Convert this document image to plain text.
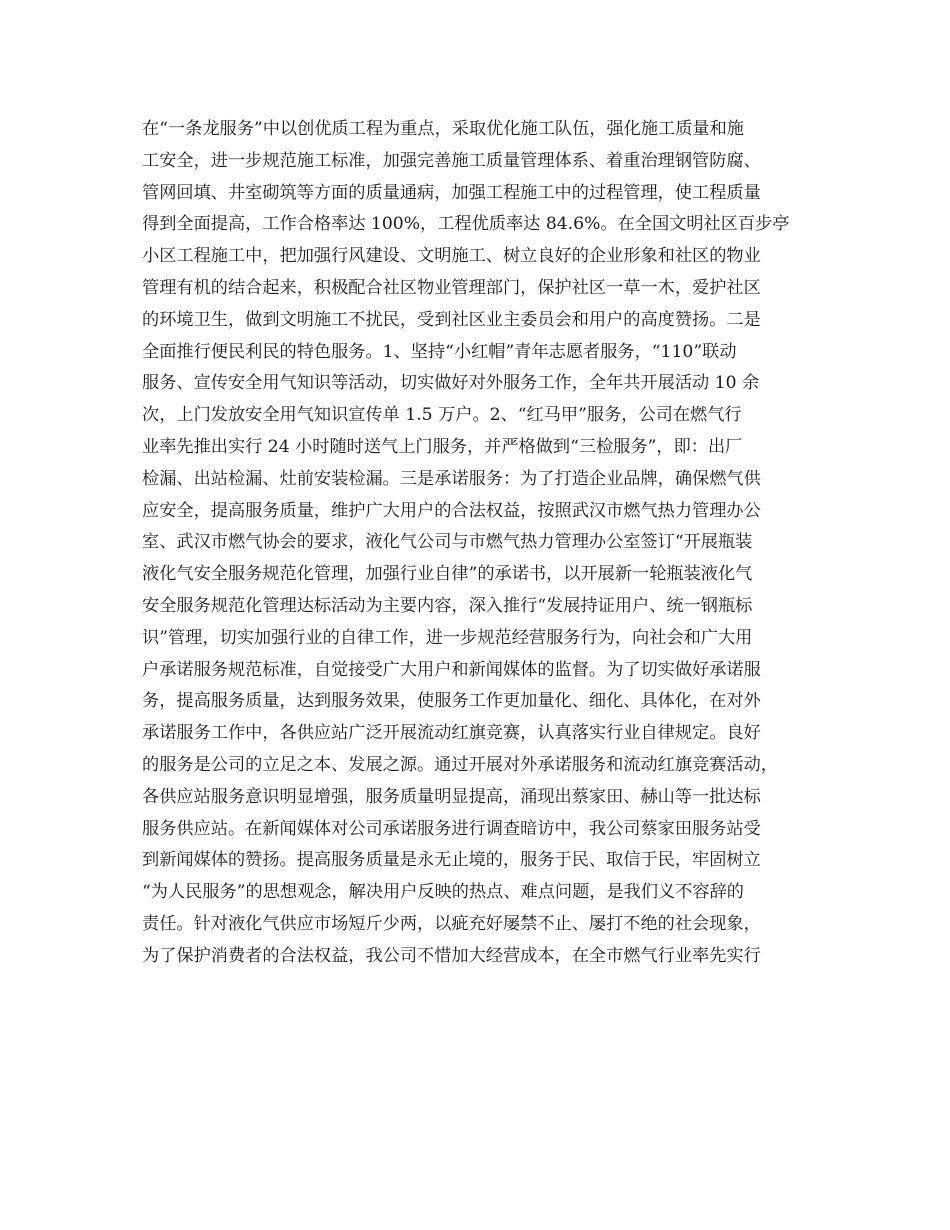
在“一条龙服务”中以创优质工程为重点，采取优化施工队伍，强化施工质量和施
工安全，进一步规范施工标准，加强完善施工质量管理体系、着重治理钢管防腐、
管网回填、井室砌筑等方面的质量通病，加强工程施工中的过程管理，使工程质量
得到全面提高，工作合格率达 100%，工程优质率达 84.6%。在全国文明社区百步亭
小区工程施工中，把加强行风建设、文明施工、树立良好的企业形象和社区的物业
管理有机的结合起来，积极配合社区物业管理部门，保护社区一草一木，爱护社区
的环境卫生，做到文明施工不扰民，受到社区业主委员会和用户的高度赞扬。二是
全面推行便民利民的特色服务。1、坚持“小红帽”青年志愿者服务，“110”联动
服务、宣传安全用气知识等活动，切实做好对外服务工作，全年共开展活动 10 余
次，上门发放安全用气知识宣传单 1.5 万户。2、“红马甲”服务，公司在燃气行
业率先推出实行 24 小时随时送气上门服务，并严格做到“三检服务”，即：出厂
检漏、出站检漏、灶前安装检漏。三是承诺服务：为了打造企业品牌，确保燃气供
应安全，提高服务质量，维护广大用户的合法权益，按照武汉市燃气热力管理办公
室、武汉市燃气协会的要求，液化气公司与市燃气热力管理办公室签订“开展瓶装
液化气安全服务规范化管理，加强行业自律”的承诺书，以开展新一轮瓶装液化气
安全服务规范化管理达标活动为主要内容，深入推行“发展持证用户、统一钢瓶标
识”管理，切实加强行业的自律工作，进一步规范经营服务行为，向社会和广大用
户承诺服务规范标准，自觉接受广大用户和新闻媒体的监督。为了切实做好承诺服
务，提高服务质量，达到服务效果，使服务工作更加量化、细化、具体化，在对外
承诺服务工作中，各供应站广泛开展流动红旗竞赛，认真落实行业自律规定。良好
的服务是公司的立足之本、发展之源。通过开展对外承诺服务和流动红旗竞赛活动，
各供应站服务意识明显增强，服务质量明显提高，涌现出蔡家田、赫山等一批达标
服务供应站。在新闻媒体对公司承诺服务进行调查暗访中，我公司蔡家田服务站受
到新闻媒体的赞扬。提高服务质量是永无止境的，服务于民、取信于民，牢固树立
“为人民服务”的思想观念，解决用户反映的热点、难点问题，是我们义不容辞的
责任。针对液化气供应市场短斤少两，以疵充好屡禁不止、屡打不绝的社会现象，
为了保护消费者的合法权益，我公司不惜加大经营成本，在全市燃气行业率先实行
